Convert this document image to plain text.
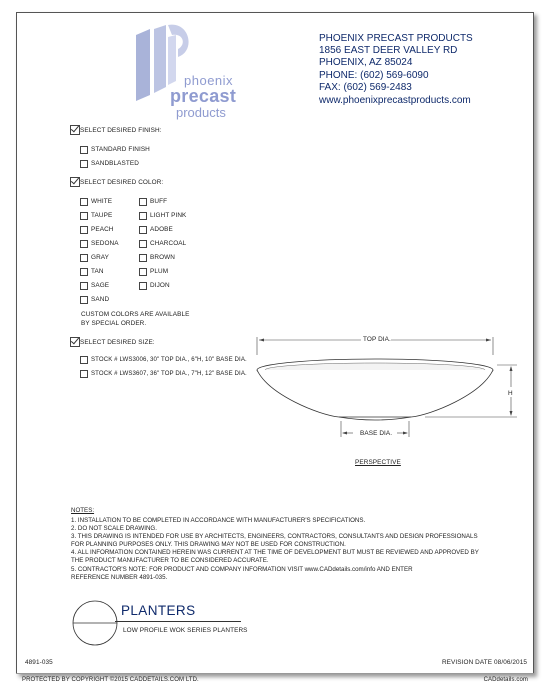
phoenix
precast
products
PHOENIX PRECAST PRODUCTS
1856 EAST DEER VALLEY RD
PHOENIX, AZ 85024
PHONE: (602) 569-6090
FAX: (602) 569-2483
www.phoenixprecastproducts.com
SELECT DESIRED FINISH:
STANDARD FINISH
SANDBLASTED
SELECT DESIRED COLOR:
WHITE
TAUPE
PEACH
SEDONA
GRAY
TAN
SAGE
SAND
BUFF
LIGHT PINK
ADOBE
CHARCOAL
BROWN
PLUM
DIJON
CUSTOM COLORS ARE AVAILABLE
BY SPECIAL ORDER.
SELECT DESIRED SIZE:
STOCK # LWS3006, 30" TOP DIA., 6"H, 10" BASE DIA.
STOCK # LWS3607, 36" TOP DIA., 7"H, 12" BASE DIA.
TOP DIA.
H
BASE DIA.
PERSPECTIVE
NOTES:
1. INSTALLATION TO BE COMPLETED IN ACCORDANCE WITH MANUFACTURER'S SPECIFICATIONS.
2. DO NOT SCALE DRAWING.
3. THIS DRAWING IS INTENDED FOR USE BY ARCHITECTS, ENGINEERS, CONTRACTORS, CONSULTANTS AND DESIGN PROFESSIONALS
FOR PLANNING PURPOSES ONLY. THIS DRAWING MAY NOT BE USED FOR CONSTRUCTION.
4. ALL INFORMATION CONTAINED HEREIN WAS CURRENT AT THE TIME OF DEVELOPMENT BUT MUST BE REVIEWED AND APPROVED BY
THE PRODUCT MANUFACTURER TO BE CONSIDERED ACCURATE.
5. CONTRACTOR'S NOTE: FOR PRODUCT AND COMPANY INFORMATION VISIT www.CADdetails.com/info AND ENTER
REFERENCE NUMBER 4891-035.
PLANTERS
LOW PROFILE WOK SERIES PLANTERS
4891-035	REVISION DATE 08/06/2015
PROTECTED BY COPYRIGHT ©2015 CADDETAILS.COM LTD.	CADdetails.com
